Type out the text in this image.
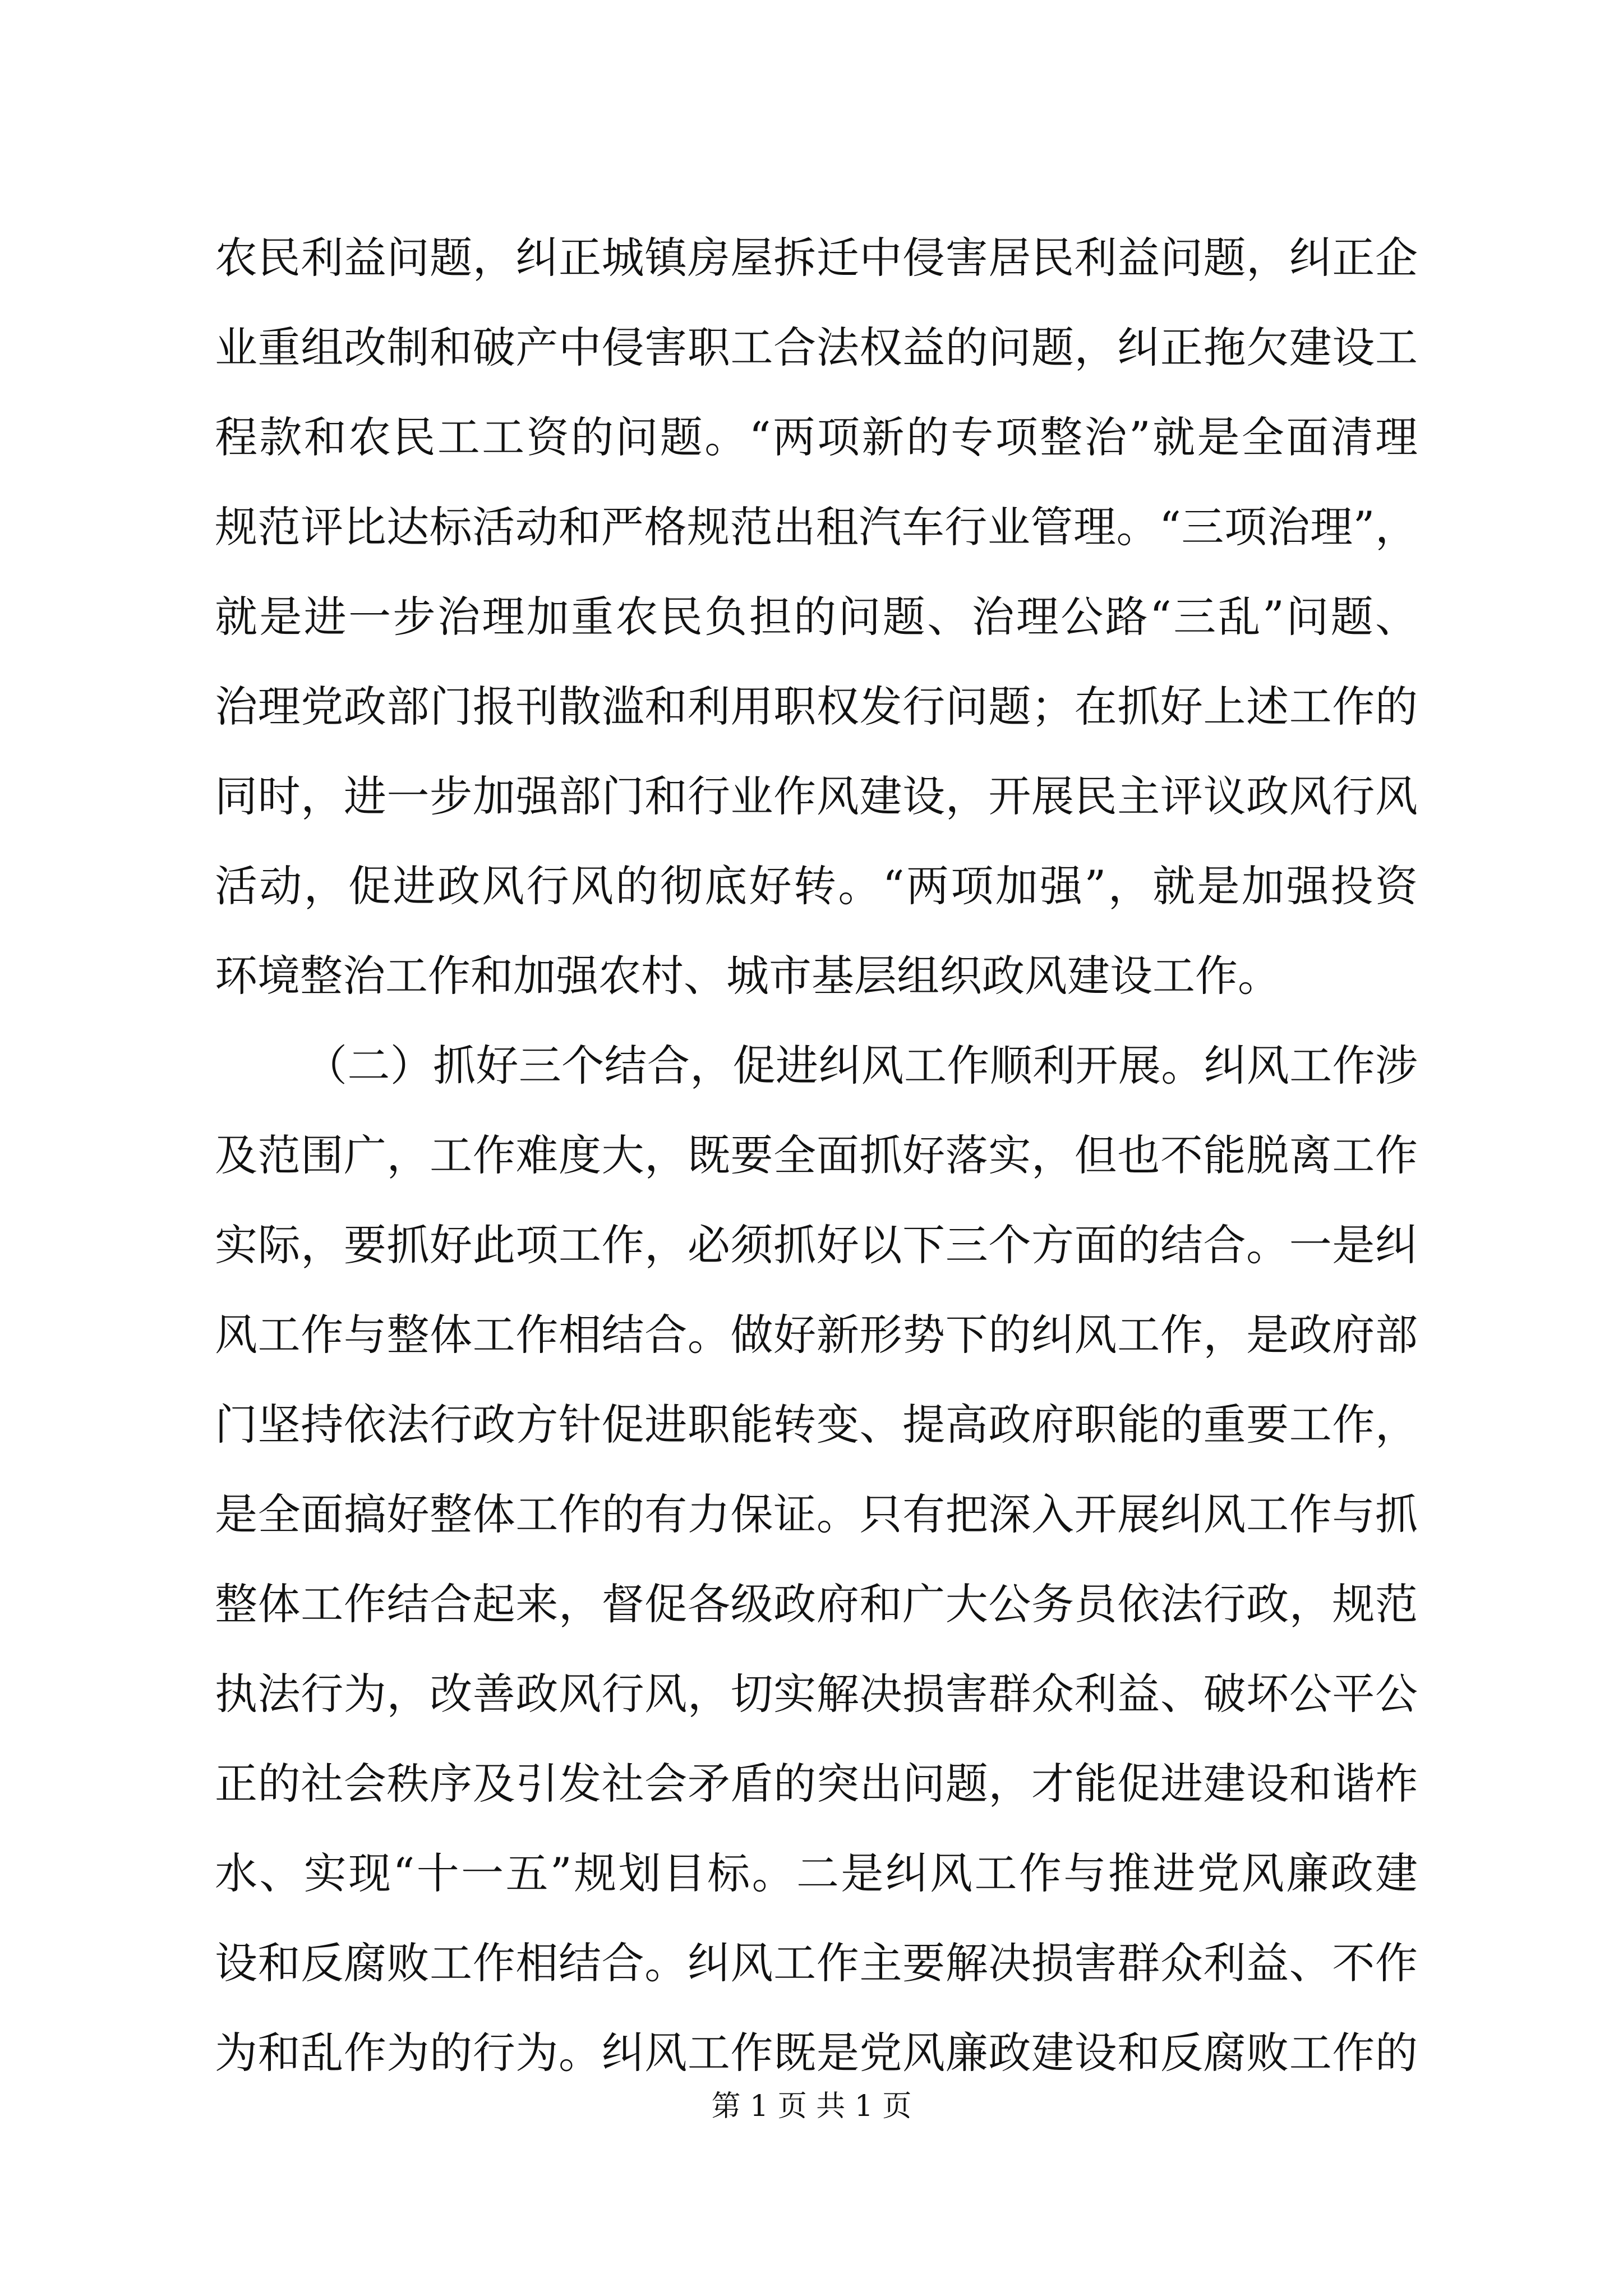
农民利益问题，纠正城镇房屋拆迁中侵害居民利益问题，纠正企
业重组改制和破产中侵害职工合法权益的问题，纠正拖欠建设工
程款和农民工工资的问题。“两项新的专项整治”就是全面清理
规范评比达标活动和严格规范出租汽车行业管理。“三项治理”，
就是进一步治理加重农民负担的问题、治理公路“三乱”问题、
治理党政部门报刊散滥和利用职权发行问题；在抓好上述工作的
同时，进一步加强部门和行业作风建设，开展民主评议政风行风
活动，促进政风行风的彻底好转。“两项加强”，就是加强投资
环境整治工作和加强农村、城市基层组织政风建设工作。
（二）抓好三个结合，促进纠风工作顺利开展。纠风工作涉
及范围广，工作难度大，既要全面抓好落实，但也不能脱离工作
实际，要抓好此项工作，必须抓好以下三个方面的结合。一是纠
风工作与整体工作相结合。做好新形势下的纠风工作，是政府部
门坚持依法行政方针促进职能转变、提高政府职能的重要工作，
是全面搞好整体工作的有力保证。只有把深入开展纠风工作与抓
整体工作结合起来，督促各级政府和广大公务员依法行政，规范
执法行为，改善政风行风，切实解决损害群众利益、破坏公平公
正的社会秩序及引发社会矛盾的突出问题，才能促进建设和谐柞
水、实现“十一五”规划目标。二是纠风工作与推进党风廉政建
设和反腐败工作相结合。纠风工作主要解决损害群众利益、不作
为和乱作为的行为。纠风工作既是党风廉政建设和反腐败工作的
第 1 页 共 1 页
